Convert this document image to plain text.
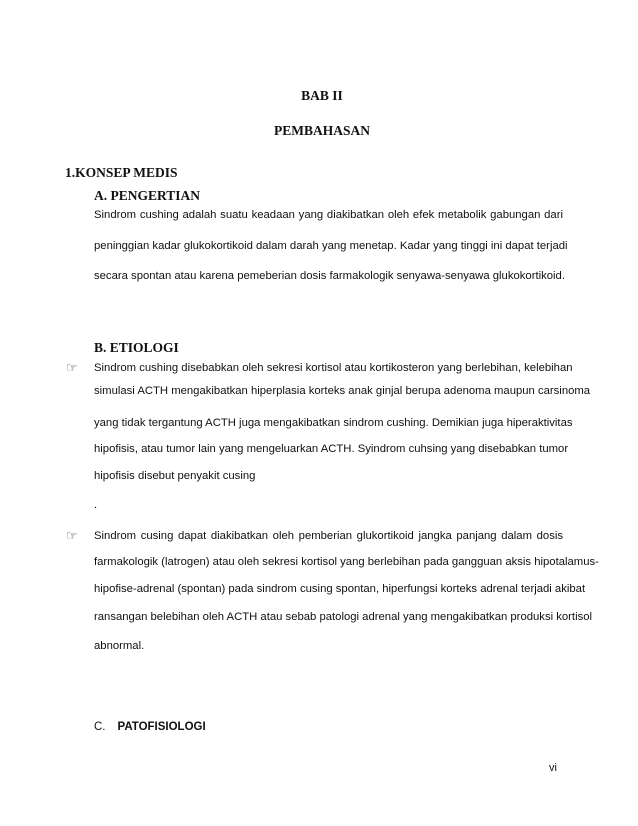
BAB II
PEMBAHASAN
1.KONSEP MEDIS
A. PENGERTIAN
Sindrom cushing adalah suatu keadaan yang diakibatkan oleh efek metabolik gabungan dari
peninggian kadar glukokortikoid dalam darah yang menetap. Kadar yang tinggi ini dapat terjadi
secara spontan atau karena pemeberian dosis farmakologik senyawa-senyawa glukokortikoid.
B. ETIOLOGI
☞ Sindrom cushing disebabkan oleh sekresi kortisol atau kortikosteron yang berlebihan, kelebihan
simulasi ACTH mengakibatkan hiperplasia korteks anak ginjal berupa adenoma maupun carsinoma
yang tidak tergantung ACTH juga mengakibatkan sindrom cushing. Demikian juga hiperaktivitas
hipofisis, atau tumor lain yang mengeluarkan ACTH. Syindrom cuhsing yang disebabkan tumor
hipofisis disebut penyakit cusing
.
☞ Sindrom cusing dapat diakibatkan oleh pemberian glukortikoid jangka panjang dalam dosis
farmakologik (latrogen) atau oleh sekresi kortisol yang berlebihan pada gangguan aksis hipotalamus-
hipofise-adrenal (spontan) pada sindrom cusing spontan, hiperfungsi korteks adrenal terjadi akibat
ransangan belebihan oleh ACTH atau sebab patologi adrenal yang mengakibatkan produksi kortisol
abnormal.
C. PATOFISIOLOGI
vi
